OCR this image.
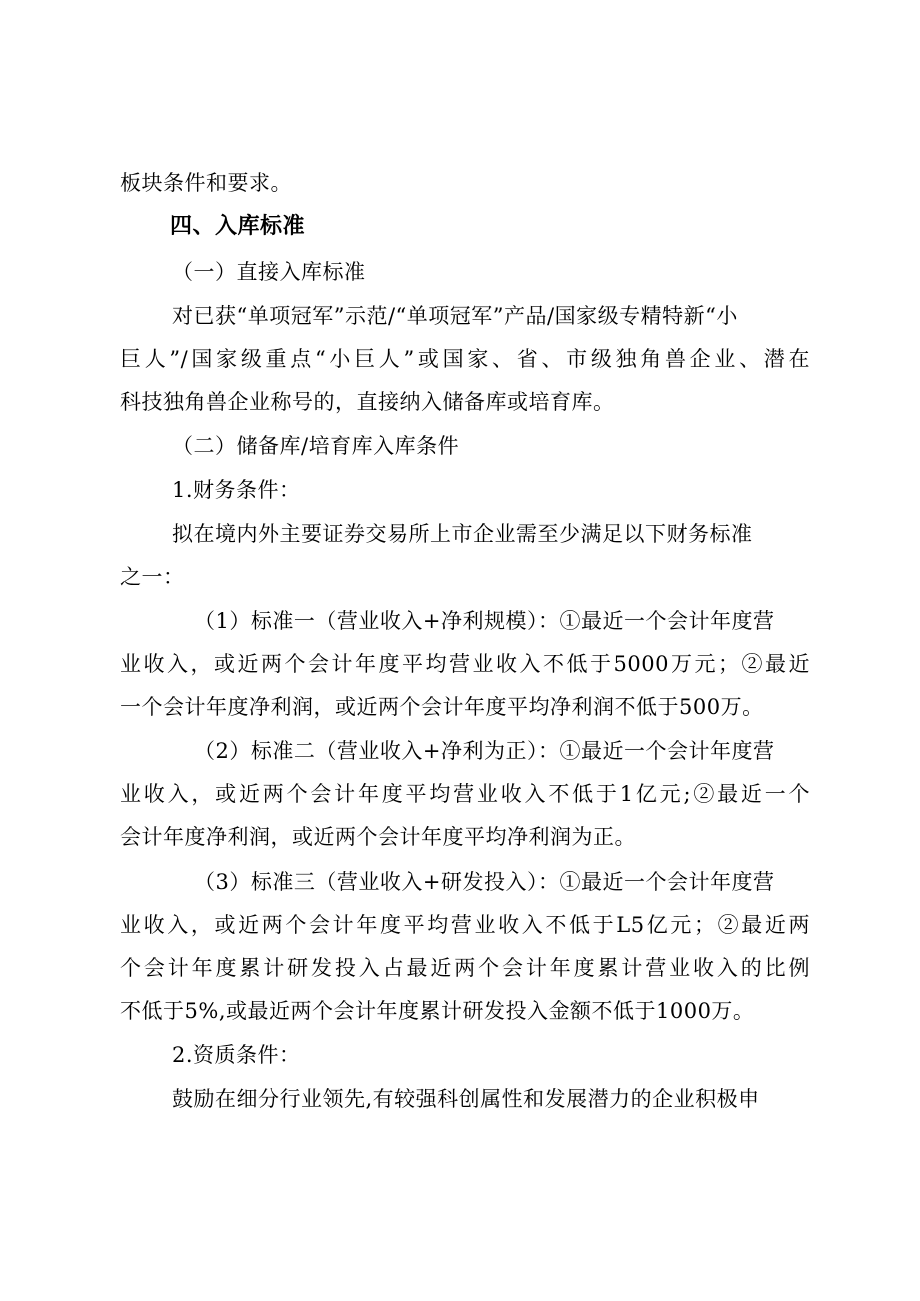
板块条件和要求。

四、入库标准

（一）直接入库标准

对已获“单项冠军”示范/“单项冠军”产品/国家级专精特新“小

巨人”/国家级重点“小巨人”或国家、省、市级独角兽企业、潜在

科技独角兽企业称号的，直接纳入储备库或培育库。

（二）储备库/培育库入库条件

1.财务条件：

拟在境内外主要证券交易所上市企业需至少满足以下财务标准

之一：

（1）标准一（营业收入+净利规模）：①最近一个会计年度营

业收入，或近两个会计年度平均营业收入不低于5000万元；②最近

一个会计年度净利润，或近两个会计年度平均净利润不低于500万。

（2）标准二（营业收入+净利为正）：①最近一个会计年度营

业收入，或近两个会计年度平均营业收入不低于1亿元;②最近一个

会计年度净利润，或近两个会计年度平均净利润为正。

（3）标准三（营业收入+研发投入）：①最近一个会计年度营

业收入，或近两个会计年度平均营业收入不低于L5亿元；②最近两

个会计年度累计研发投入占最近两个会计年度累计营业收入的比例

不低于5%,或最近两个会计年度累计研发投入金额不低于1000万。

2.资质条件：

鼓励在细分行业领先,有较强科创属性和发展潜力的企业积极申
